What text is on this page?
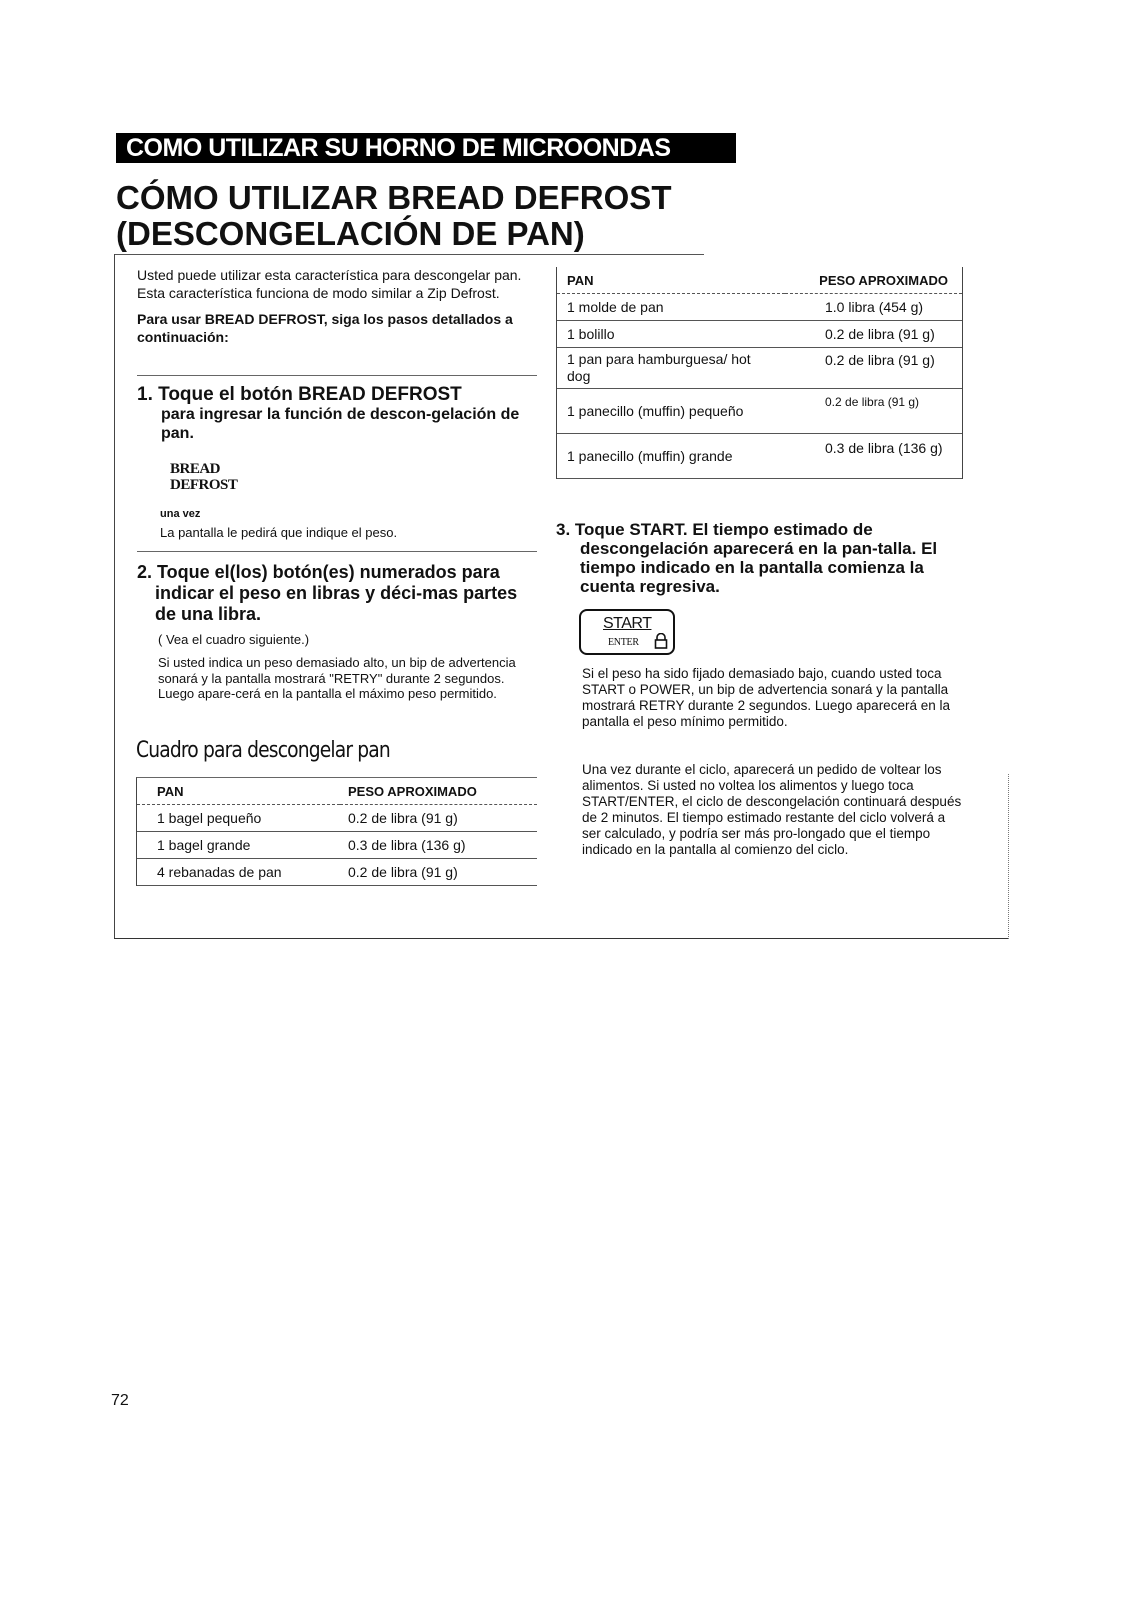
COMO UTILIZAR SU HORNO DE MICROONDAS
CÓMO UTILIZAR BREAD DEFROST
(DESCONGELACIÓN DE PAN)

Usted puede utilizar esta característica para descongelar pan. Esta característica funciona de modo similar a Zip Defrost.

Para usar BREAD DEFROST, siga los pasos detallados a continuación:

1. Toque el botón BREAD DEFROST
para ingresar la función de descon-gelación de pan.
BREAD
DEFROST
una vez
La pantalla le pedirá que indique el peso.
2. Toque el(los) botón(es) numerados para indicar el peso en libras y déci-mas partes de una libra.
( Vea el cuadro siguiente.)
Si usted indica un peso demasiado alto, un bip de advertencia sonará y la pantalla mostrará "RETRY" durante 2 segundos. Luego apare-cerá en la pantalla el máximo peso permitido.
Cuadro para descongelar pan
PAN	PESO APROXIMADO
1 bagel pequeño	0.2 de libra (91 g)
1 bagel grande	0.3 de libra (136 g)
4 rebanadas de pan	0.2 de libra (91 g)
PAN	PESO APROXIMADO
1 molde de pan	1.0 libra (454 g)
1 bolillo	0.2 de libra (91 g)
1 pan para hamburguesa/ hot dog	0.2 de libra (91 g)
1 panecillo (muffin) pequeño	0.2 de libra (91 g)
1 panecillo (muffin) grande	0.3 de libra (136 g)
3. Toque START. El tiempo estimado de descongelación aparecerá en la pan-talla. El tiempo indicado en la pantalla comienza la cuenta regresiva.
START
ENTER
Si el peso ha sido fijado demasiado bajo, cuando usted toca START o POWER, un bip de advertencia sonará y la pantalla mostrará RETRY durante 2 segundos. Luego aparecerá en la pantalla el peso mínimo permitido.
Una vez durante el ciclo, aparecerá un pedido de voltear los alimentos. Si usted no voltea los alimentos y luego toca START/ENTER, el ciclo de descongelación continuará después de 2 minutos. El tiempo estimado restante del ciclo volverá a ser calculado, y podría ser más pro-longado que el tiempo indicado en la pantalla al comienzo del ciclo.
72
